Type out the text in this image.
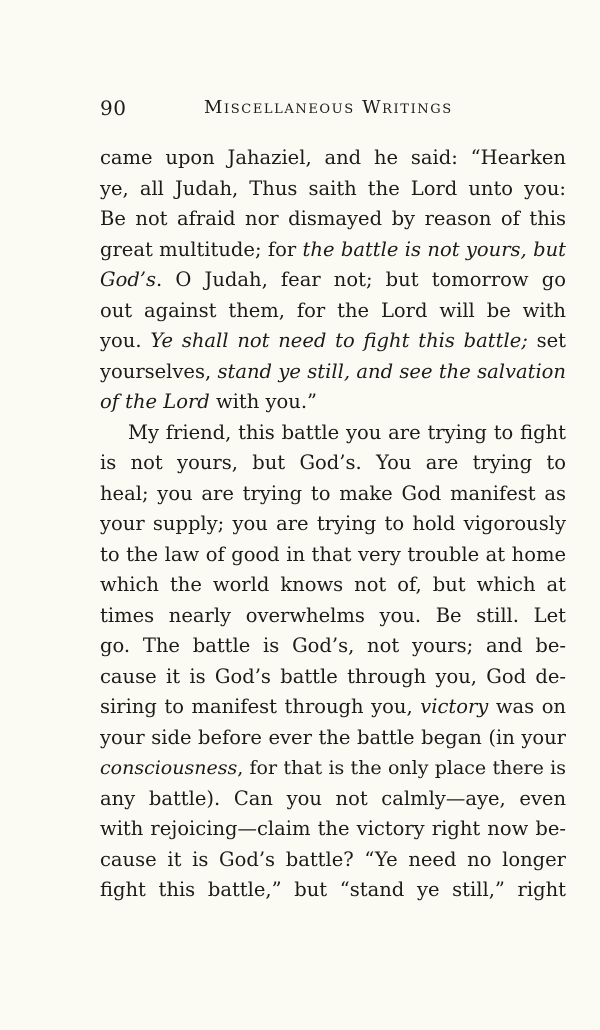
90	Miscellaneous Writings
came upon Jahaziel, and he said: “Hearken
ye, all Judah, Thus saith the Lord unto you:
Be not afraid nor dismayed by reason of this
great multitude; for the battle is not yours, but
God’s. O Judah, fear not; but tomorrow go
out against them, for the Lord will be with
you. Ye shall not need to fight this battle; set
yourselves, stand ye still, and see the salvation
of the Lord with you.”
My friend, this battle you are trying to fight
is not yours, but God’s. You are trying to
heal; you are trying to make God manifest as
your supply; you are trying to hold vigorously
to the law of good in that very trouble at home
which the world knows not of, but which at
times nearly overwhelms you. Be still. Let
go. The battle is God’s, not yours; and be-
cause it is God’s battle through you, God de-
siring to manifest through you, victory was on
your side before ever the battle began (in your
consciousness, for that is the only place there is
any battle). Can you not calmly—aye, even
with rejoicing—claim the victory right now be-
cause it is God’s battle? “Ye need no longer
fight this battle,” but “stand ye still,” right
